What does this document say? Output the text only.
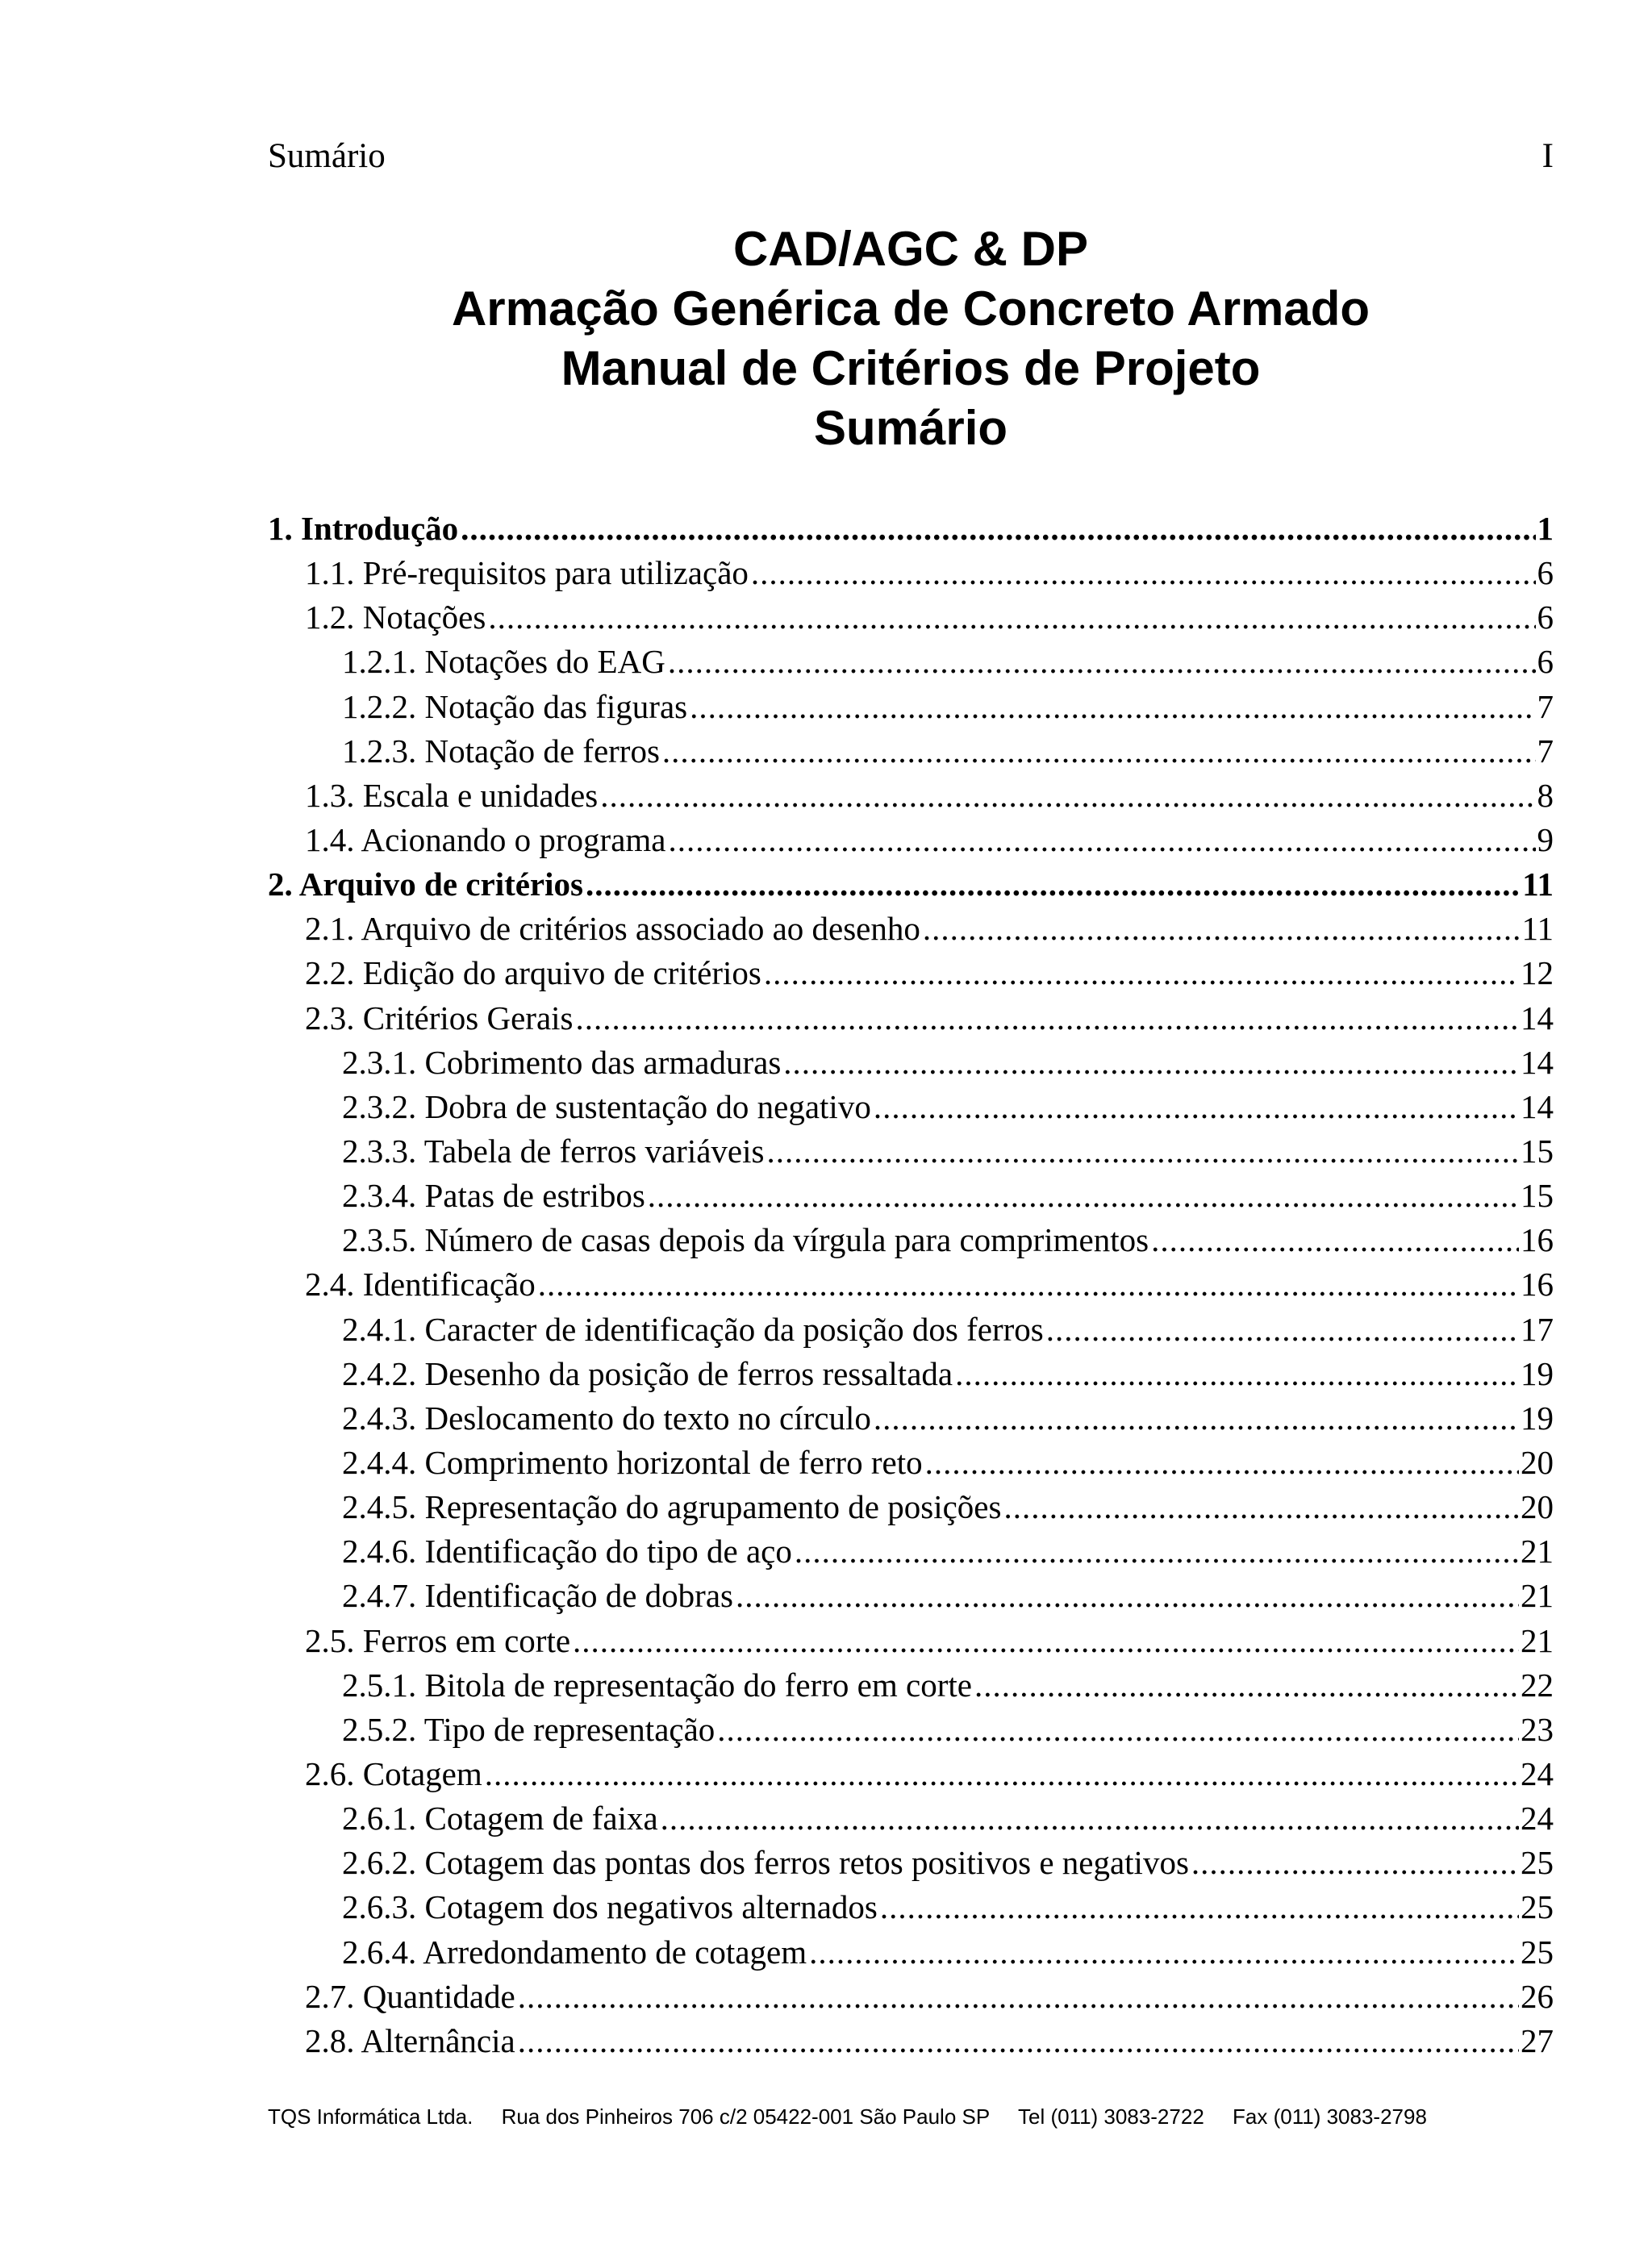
Sumário	I
CAD/AGC & DP
Armação Genérica de Concreto Armado
Manual de Critérios de Projeto
Sumário
1. Introdução .....	1
1.1. Pré-requisitos para utilização .....	6
1.2. Notações .....	6
1.2.1. Notações do EAG .....	6
1.2.2. Notação das figuras .....	7
1.2.3. Notação de ferros .....	7
1.3. Escala e unidades .....	8
1.4. Acionando o programa .....	9
2. Arquivo de critérios .....	11
2.1. Arquivo de critérios associado ao desenho .....	11
2.2. Edição do arquivo de critérios .....	12
2.3. Critérios Gerais .....	14
2.3.1. Cobrimento das armaduras .....	14
2.3.2. Dobra de sustentação do negativo .....	14
2.3.3. Tabela de ferros variáveis .....	15
2.3.4. Patas de estribos .....	15
2.3.5. Número de casas depois da vírgula para comprimentos .....	16
2.4. Identificação .....	16
2.4.1. Caracter de identificação da posição dos ferros .....	17
2.4.2. Desenho da posição de ferros ressaltada .....	19
2.4.3. Deslocamento do texto no círculo .....	19
2.4.4. Comprimento horizontal de ferro reto .....	20
2.4.5. Representação do agrupamento de posições .....	20
2.4.6. Identificação do tipo de aço .....	21
2.4.7. Identificação de dobras .....	21
2.5. Ferros em corte .....	21
2.5.1. Bitola de representação do ferro em corte .....	22
2.5.2. Tipo de representação .....	23
2.6. Cotagem .....	24
2.6.1. Cotagem de faixa .....	24
2.6.2. Cotagem das pontas dos ferros retos positivos e negativos .....	25
2.6.3. Cotagem dos negativos alternados .....	25
2.6.4. Arredondamento de cotagem .....	25
2.7. Quantidade .....	26
2.8. Alternância .....	27
TQS Informática Ltda. Rua dos Pinheiros 706 c/2 05422-001 São Paulo SP Tel (011) 3083-2722 Fax (011) 3083-2798
